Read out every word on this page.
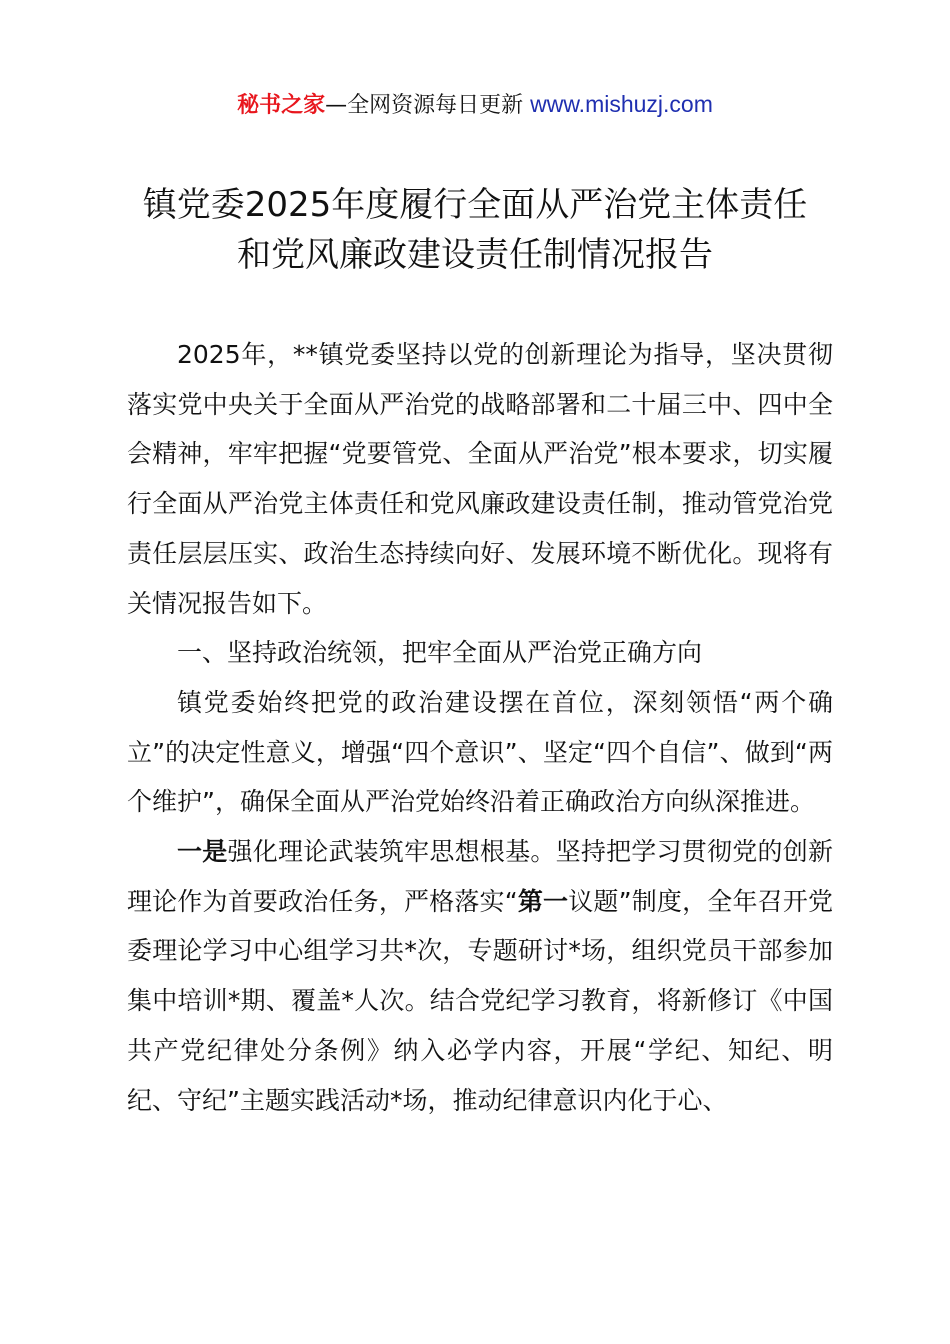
秘书之家—全网资源每日更新 www.mishuzj.com
镇党委2025年度履行全面从严治党主体责任
和党风廉政建设责任制情况报告

2025年，**镇党委坚持以党的创新理论为指导，坚决贯彻落实党中央关于全面从严治党的战略部署和二十届三中、四中全会精神，牢牢把握“党要管党、全面从严治党”根本要求，切实履行全面从严治党主体责任和党风廉政建设责任制，推动管党治党责任层层压实、政治生态持续向好、发展环境不断优化。现将有关情况报告如下。

一、坚持政治统领，把牢全面从严治党正确方向

镇党委始终把党的政治建设摆在首位，深刻领悟“两个确立”的决定性意义，增强“四个意识”、坚定“四个自信”、做到“两个维护”，确保全面从严治党始终沿着正确政治方向纵深推进。

一是强化理论武装筑牢思想根基。坚持把学习贯彻党的创新理论作为首要政治任务，严格落实“第一议题”制度，全年召开党委理论学习中心组学习共*次，专题研讨*场，组织党员干部参加集中培训*期、覆盖*人次。结合党纪学习教育，将新修订《中国共产党纪律处分条例》纳入必学内容，开展“学纪、知纪、明纪、守纪”主题实践活动*场，推动纪律意识内化于心、
